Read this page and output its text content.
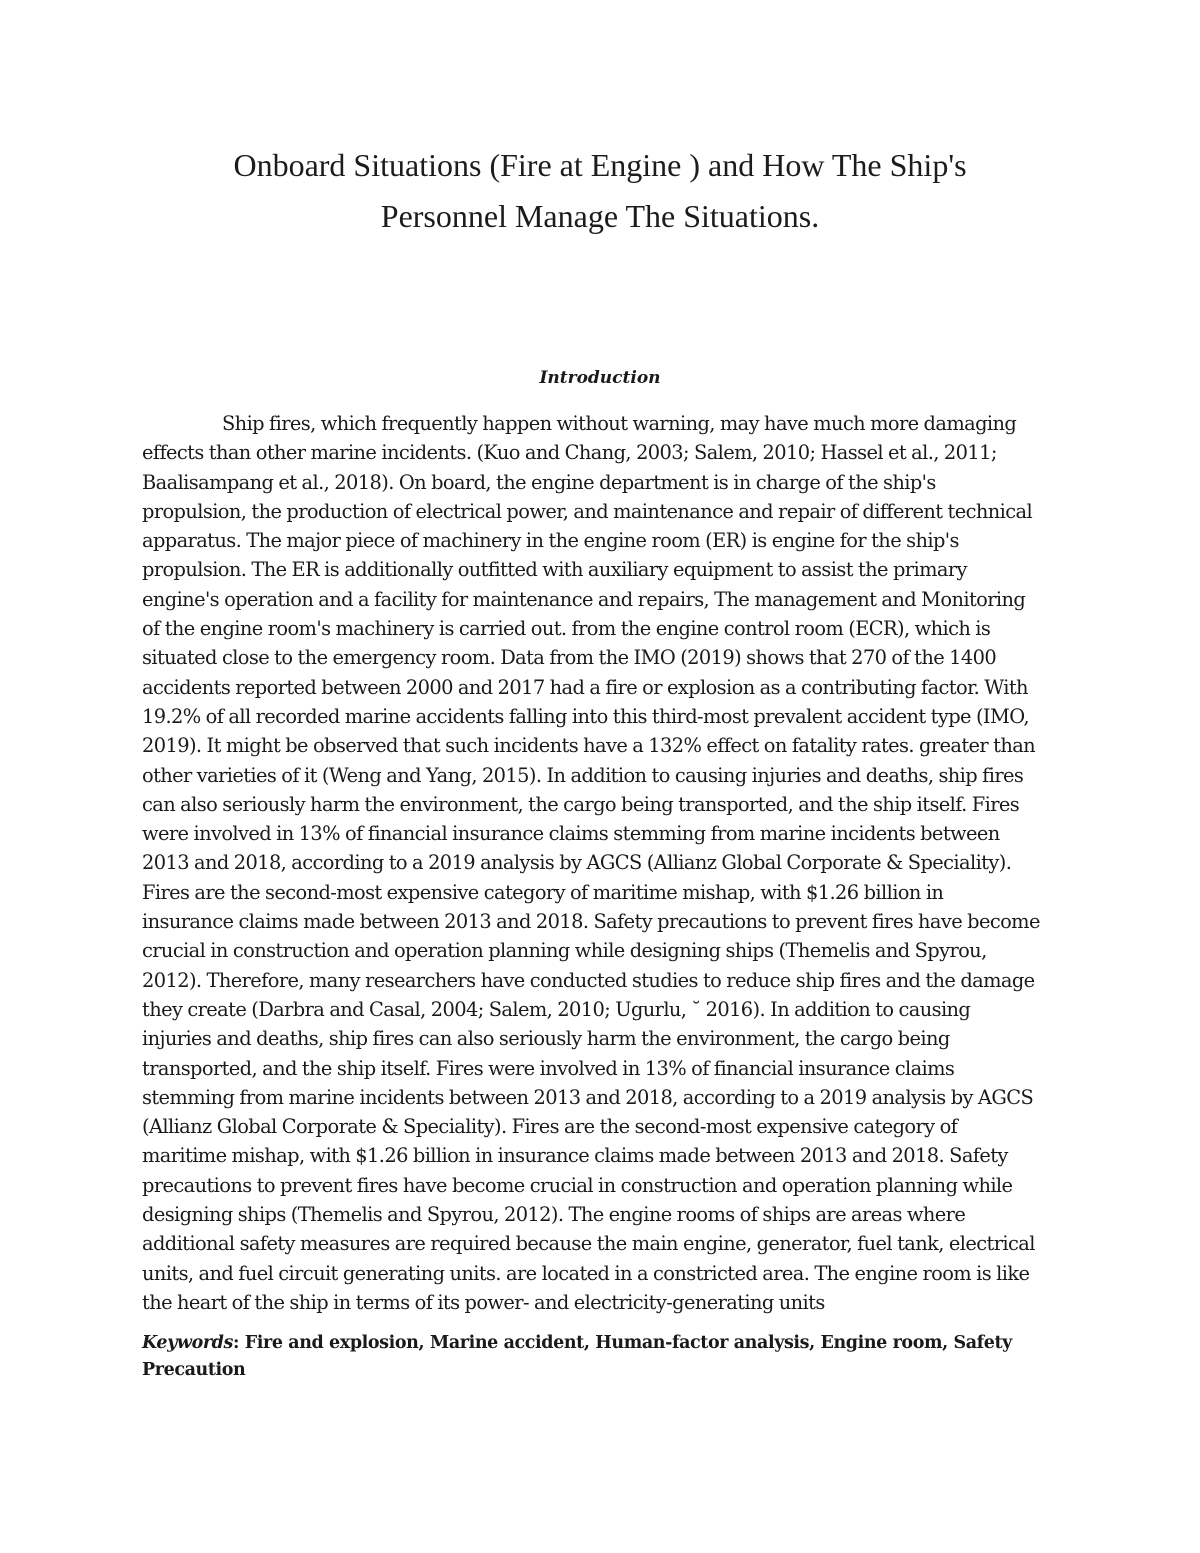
Onboard Situations (Fire at Engine ) and How The Ship's
Personnel Manage The Situations.
Introduction
Ship fires, which frequently happen without warning, may have much more damaging
effects than other marine incidents. (Kuo and Chang, 2003; Salem, 2010; Hassel et al., 2011;
Baalisampang et al., 2018). On board, the engine department is in charge of the ship's
propulsion, the production of electrical power, and maintenance and repair of different technical
apparatus. The major piece of machinery in the engine room (ER) is engine for the ship's
propulsion. The ER is additionally outfitted with auxiliary equipment to assist the primary
engine's operation and a facility for maintenance and repairs, The management and Monitoring
of the engine room's machinery is carried out. from the engine control room (ECR), which is
situated close to the emergency room. Data from the IMO (2019) shows that 270 of the 1400
accidents reported between 2000 and 2017 had a fire or explosion as a contributing factor. With
19.2% of all recorded marine accidents falling into this third-most prevalent accident type (IMO,
2019). It might be observed that such incidents have a 132% effect on fatality rates. greater than
other varieties of it (Weng and Yang, 2015). In addition to causing injuries and deaths, ship fires
can also seriously harm the environment, the cargo being transported, and the ship itself. Fires
were involved in 13% of financial insurance claims stemming from marine incidents between
2013 and 2018, according to a 2019 analysis by AGCS (Allianz Global Corporate & Speciality).
Fires are the second-most expensive category of maritime mishap, with $1.26 billion in
insurance claims made between 2013 and 2018. Safety precautions to prevent fires have become
crucial in construction and operation planning while designing ships (Themelis and Spyrou,
2012). Therefore, many researchers have conducted studies to reduce ship fires and the damage
they create (Darbra and Casal, 2004; Salem, 2010; Ugurlu, ˘ 2016). In addition to causing
injuries and deaths, ship fires can also seriously harm the environment, the cargo being
transported, and the ship itself. Fires were involved in 13% of financial insurance claims
stemming from marine incidents between 2013 and 2018, according to a 2019 analysis by AGCS
(Allianz Global Corporate & Speciality). Fires are the second-most expensive category of
maritime mishap, with $1.26 billion in insurance claims made between 2013 and 2018. Safety
precautions to prevent fires have become crucial in construction and operation planning while
designing ships (Themelis and Spyrou, 2012). The engine rooms of ships are areas where
additional safety measures are required because the main engine, generator, fuel tank, electrical
units, and fuel circuit generating units. are located in a constricted area. The engine room is like
the heart of the ship in terms of its power- and electricity-generating units
Keywords: Fire and explosion, Marine accident, Human-factor analysis, Engine room, Safety
Precaution
